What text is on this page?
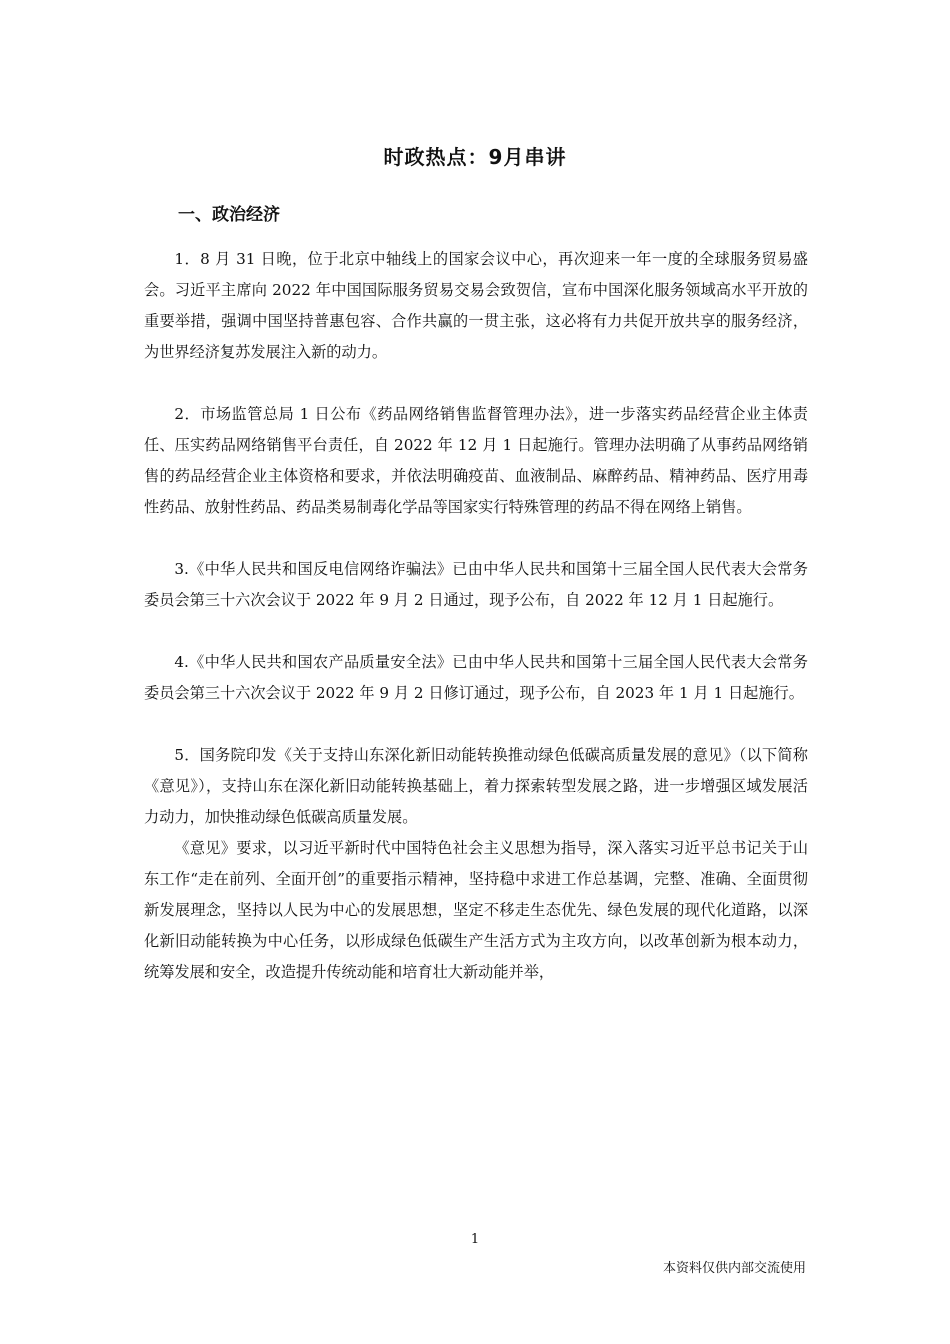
时政热点：9月串讲
一、政治经济

1．8 月 31 日晚，位于北京中轴线上的国家会议中心，再次迎来一年一度的全球服务贸易盛会。习近平主席向 2022 年中国国际服务贸易交易会致贺信，宣布中国深化服务领域高水平开放的重要举措，强调中国坚持普惠包容、合作共赢的一贯主张，这必将有力共促开放共享的服务经济，为世界经济复苏发展注入新的动力。

2．市场监管总局 1 日公布《药品网络销售监督管理办法》，进一步落实药品经营企业主体责任、压实药品网络销售平台责任，自 2022 年 12 月 1 日起施行。管理办法明确了从事药品网络销售的药品经营企业主体资格和要求，并依法明确疫苗、血液制品、麻醉药品、精神药品、医疗用毒性药品、放射性药品、药品类易制毒化学品等国家实行特殊管理的药品不得在网络上销售。

3.《中华人民共和国反电信网络诈骗法》已由中华人民共和国第十三届全国人民代表大会常务委员会第三十六次会议于 2022 年 9 月 2 日通过，现予公布，自 2022 年 12 月 1 日起施行。

4.《中华人民共和国农产品质量安全法》已由中华人民共和国第十三届全国人民代表大会常务委员会第三十六次会议于 2022 年 9 月 2 日修订通过，现予公布，自 2023 年 1 月 1 日起施行。

5．国务院印发《关于支持山东深化新旧动能转换推动绿色低碳高质量发展的意见》（以下简称《意见》），支持山东在深化新旧动能转换基础上，着力探索转型发展之路，进一步增强区域发展活力动力，加快推动绿色低碳高质量发展。

《意见》要求，以习近平新时代中国特色社会主义思想为指导，深入落实习近平总书记关于山东工作“走在前列、全面开创”的重要指示精神，坚持稳中求进工作总基调，完整、准确、全面贯彻新发展理念，坚持以人民为中心的发展思想，坚定不移走生态优先、绿色发展的现代化道路，以深化新旧动能转换为中心任务，以形成绿色低碳生产生活方式为主攻方向，以改革创新为根本动力，统筹发展和安全，改造提升传统动能和培育壮大新动能并举，

1
本资料仅供内部交流使用
